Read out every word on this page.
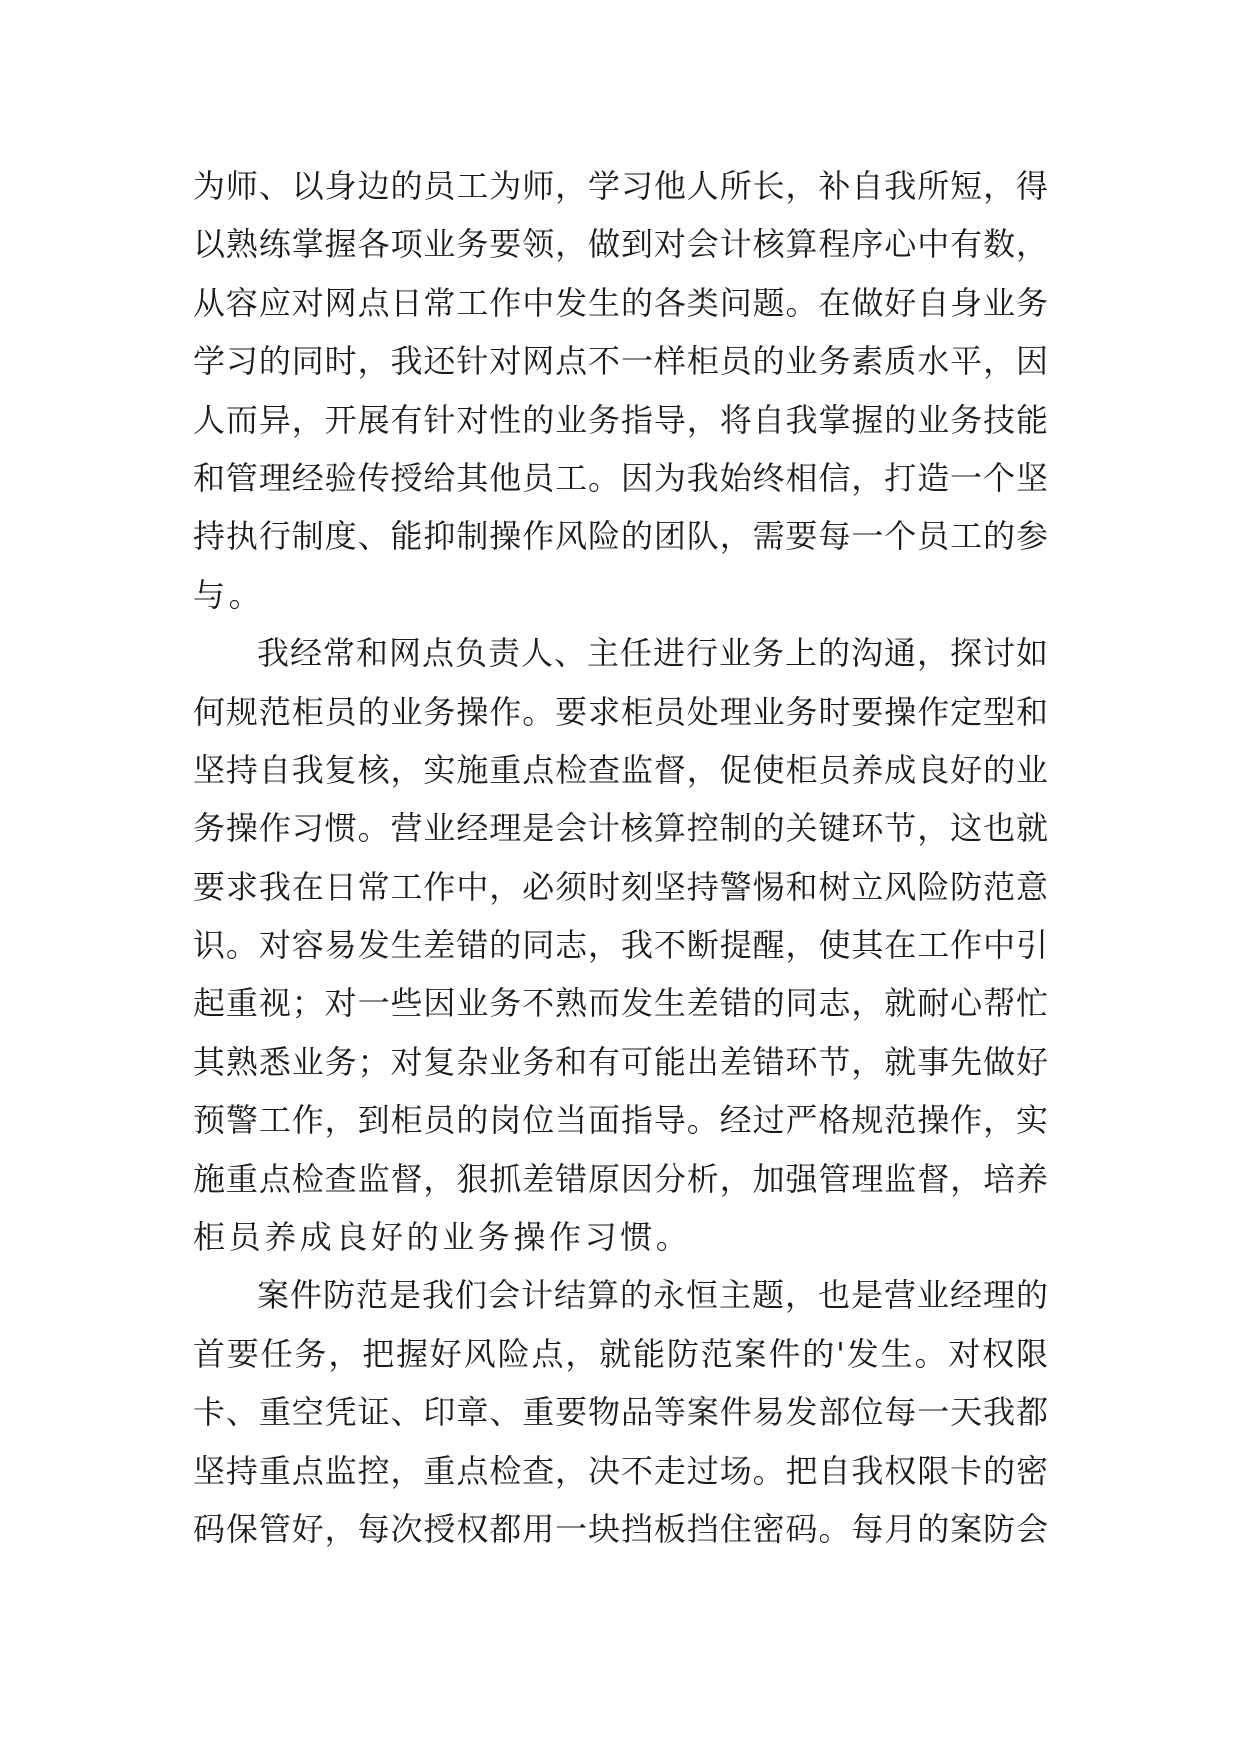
为师、以身边的员工为师，学习他人所长，补自我所短，得
以熟练掌握各项业务要领，做到对会计核算程序心中有数，
从容应对网点日常工作中发生的各类问题。在做好自身业务
学习的同时，我还针对网点不一样柜员的业务素质水平，因
人而异，开展有针对性的业务指导，将自我掌握的业务技能
和管理经验传授给其他员工。因为我始终相信，打造一个坚
持执行制度、能抑制操作风险的团队，需要每一个员工的参
与。
我经常和网点负责人、主任进行业务上的沟通，探讨如
何规范柜员的业务操作。要求柜员处理业务时要操作定型和
坚持自我复核，实施重点检查监督，促使柜员养成良好的业
务操作习惯。营业经理是会计核算控制的关键环节，这也就
要求我在日常工作中，必须时刻坚持警惕和树立风险防范意
识。对容易发生差错的同志，我不断提醒，使其在工作中引
起重视；对一些因业务不熟而发生差错的同志，就耐心帮忙
其熟悉业务；对复杂业务和有可能出差错环节，就事先做好
预警工作，到柜员的岗位当面指导。经过严格规范操作，实
施重点检查监督，狠抓差错原因分析，加强管理监督，培养
柜员养成良好的业务操作习惯。
案件防范是我们会计结算的永恒主题，也是营业经理的
首要任务，把握好风险点，就能防范案件的'发生。对权限
卡、重空凭证、印章、重要物品等案件易发部位每一天我都
坚持重点监控，重点检查，决不走过场。把自我权限卡的密
码保管好，每次授权都用一块挡板挡住密码。每月的案防会
